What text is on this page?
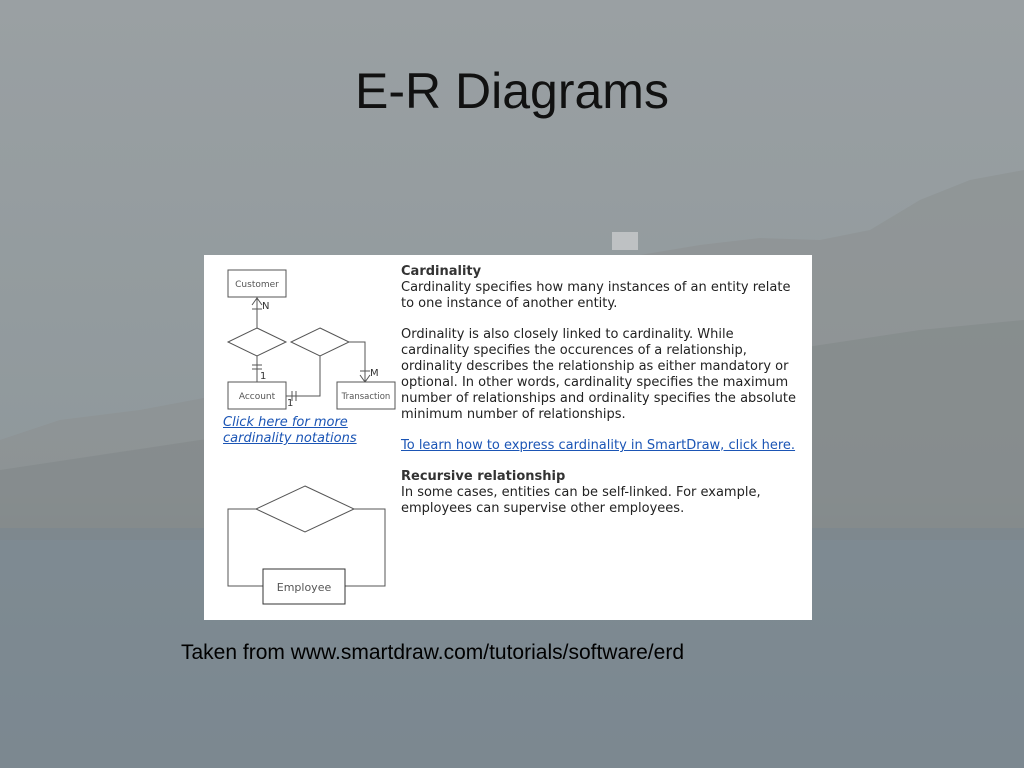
E-R Diagrams
Customer
N
1
Account
1
M
Transaction
Employee
Click here for more cardinality notations

Cardinality

Cardinality specifies how many instances of an entity relate to one instance of another entity.

Ordinality is also closely linked to cardinality. While cardinality specifies the occurences of a relationship, ordinality describes the relationship as either mandatory or optional. In other words, cardinality specifies the maximum number of relationships and ordinality specifies the absolute minimum number of relationships.

To learn how to express cardinality in SmartDraw, click here.

Recursive relationship

In some cases, entities can be self-linked. For example, employees can supervise other employees.

Taken from www.smartdraw.com/tutorials/software/erd
